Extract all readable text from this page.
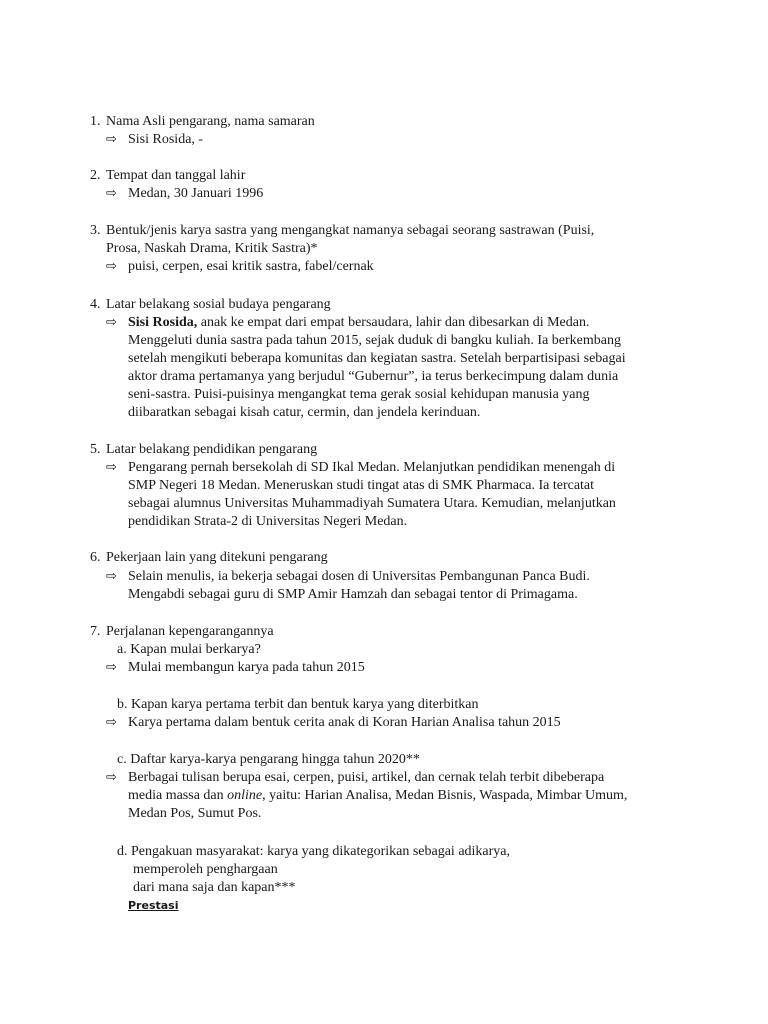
1. Nama Asli pengarang, nama samaran
⇨ Sisi Rosida, -
2. Tempat dan tanggal lahir
⇨ Medan, 30 Januari 1996
3. Bentuk/jenis karya sastra yang mengangkat namanya sebagai seorang sastrawan (Puisi,
Prosa, Naskah Drama, Kritik Sastra)*
⇨ puisi, cerpen, esai kritik sastra, fabel/cernak
4. Latar belakang sosial budaya pengarang
⇨ Sisi Rosida, anak ke empat dari empat bersaudara, lahir dan dibesarkan di Medan.
Menggeluti dunia sastra pada tahun 2015, sejak duduk di bangku kuliah. Ia berkembang
setelah mengikuti beberapa komunitas dan kegiatan sastra. Setelah berpartisipasi sebagai
aktor drama pertamanya yang berjudul “Gubernur”, ia terus berkecimpung dalam dunia
seni-sastra. Puisi-puisinya mengangkat tema gerak sosial kehidupan manusia yang
diibaratkan sebagai kisah catur, cermin, dan jendela kerinduan.
5. Latar belakang pendidikan pengarang
⇨ Pengarang pernah bersekolah di SD Ikal Medan. Melanjutkan pendidikan menengah di
SMP Negeri 18 Medan. Meneruskan studi tingat atas di SMK Pharmaca. Ia tercatat
sebagai alumnus Universitas Muhammadiyah Sumatera Utara. Kemudian, melanjutkan
pendidikan Strata-2 di Universitas Negeri Medan.
6. Pekerjaan lain yang ditekuni pengarang
⇨ Selain menulis, ia bekerja sebagai dosen di Universitas Pembangunan Panca Budi.
Mengabdi sebagai guru di SMP Amir Hamzah dan sebagai tentor di Primagama.
7. Perjalanan kepengarangannya
a. Kapan mulai berkarya?
⇨ Mulai membangun karya pada tahun 2015
b. Kapan karya pertama terbit dan bentuk karya yang diterbitkan
⇨ Karya pertama dalam bentuk cerita anak di Koran Harian Analisa tahun 2015
c. Daftar karya-karya pengarang hingga tahun 2020**
⇨ Berbagai tulisan berupa esai, cerpen, puisi, artikel, dan cernak telah terbit dibeberapa
media massa dan online, yaitu: Harian Analisa, Medan Bisnis, Waspada, Mimbar Umum,
Medan Pos, Sumut Pos.
d. Pengakuan masyarakat: karya yang dikategorikan sebagai adikarya,
memperoleh penghargaan
dari mana saja dan kapan***
Prestasi
